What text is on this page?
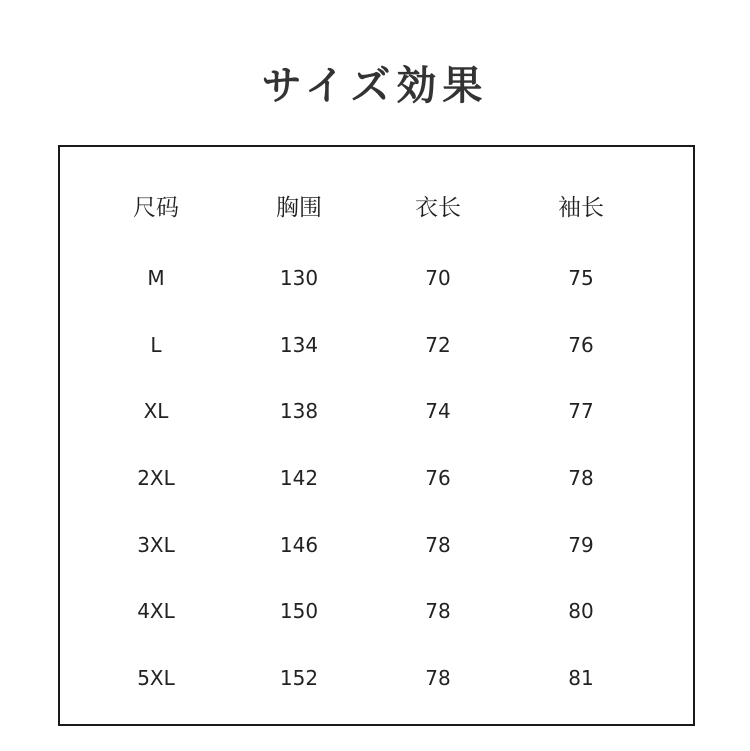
サイズ効果
尺码	胸围	衣长	袖长
M	130	70	75
L	134	72	76
XL	138	74	77
2XL	142	76	78
3XL	146	78	79
4XL	150	78	80
5XL	152	78	81
